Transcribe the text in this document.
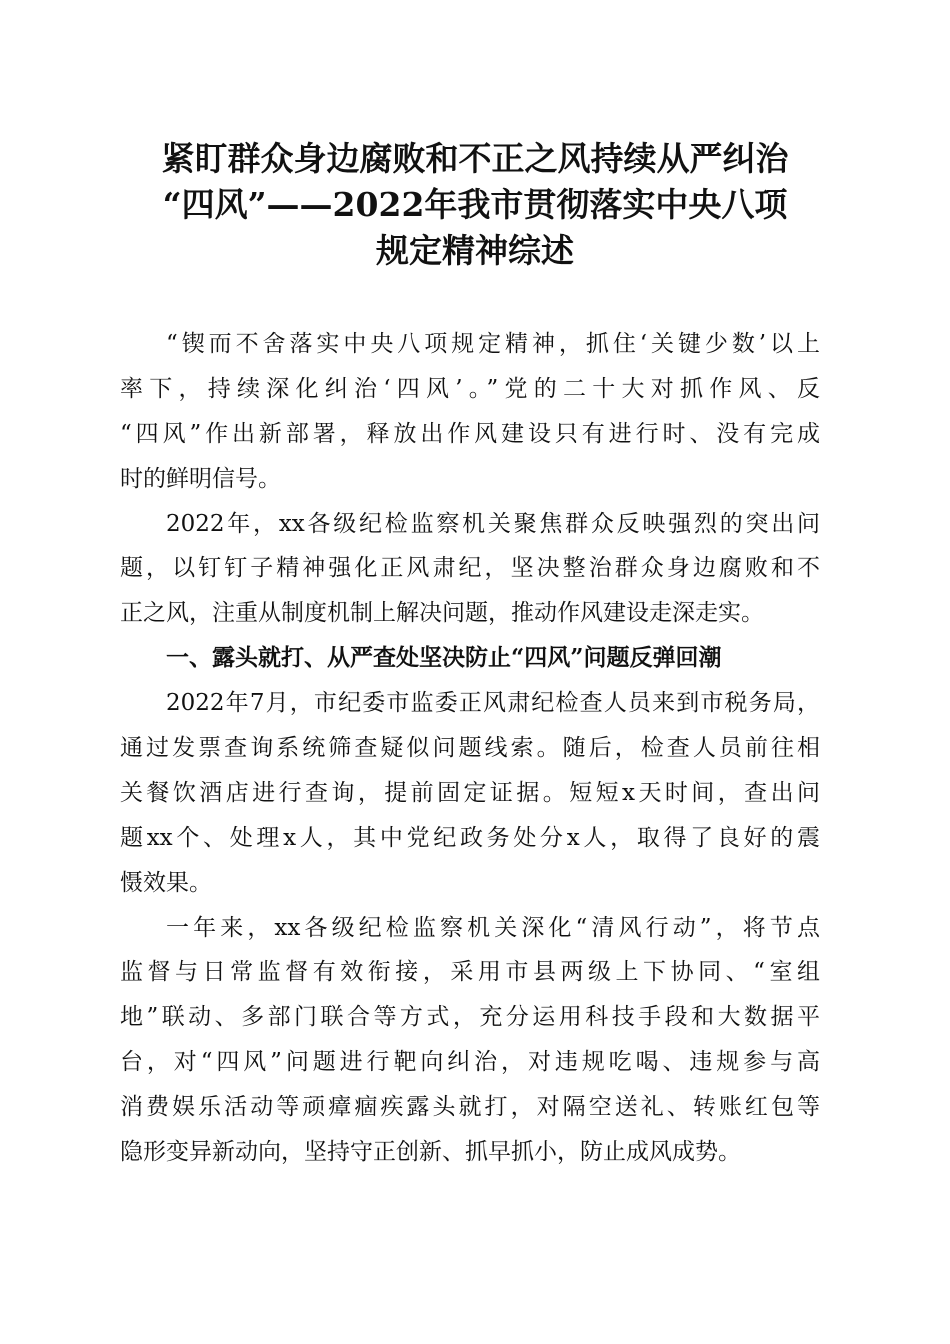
紧盯群众身边腐败和不正之风持续从严纠治
“四风”——2022年我市贯彻落实中央八项
规定精神综述
“锲而不舍落实中央八项规定精神，抓住‘关键少数’以上
率下，持续深化纠治‘四风’。”党的二十大对抓作风、反
“四风”作出新部署，释放出作风建设只有进行时、没有完成
时的鲜明信号。
2022年，xx各级纪检监察机关聚焦群众反映强烈的突出问
题，以钉钉子精神强化正风肃纪，坚决整治群众身边腐败和不
正之风，注重从制度机制上解决问题，推动作风建设走深走实。
一、露头就打、从严查处坚决防止“四风”问题反弹回潮
2022年7月，市纪委市监委正风肃纪检查人员来到市税务局，
通过发票查询系统筛查疑似问题线索。随后，检查人员前往相
关餐饮酒店进行查询，提前固定证据。短短x天时间，查出问
题xx个、处理x人，其中党纪政务处分x人，取得了良好的震
慑效果。
一年来，xx各级纪检监察机关深化“清风行动”，将节点
监督与日常监督有效衔接，采用市县两级上下协同、“室组
地”联动、多部门联合等方式，充分运用科技手段和大数据平
台，对“四风”问题进行靶向纠治，对违规吃喝、违规参与高
消费娱乐活动等顽瘴痼疾露头就打，对隔空送礼、转账红包等
隐形变异新动向，坚持守正创新、抓早抓小，防止成风成势。
